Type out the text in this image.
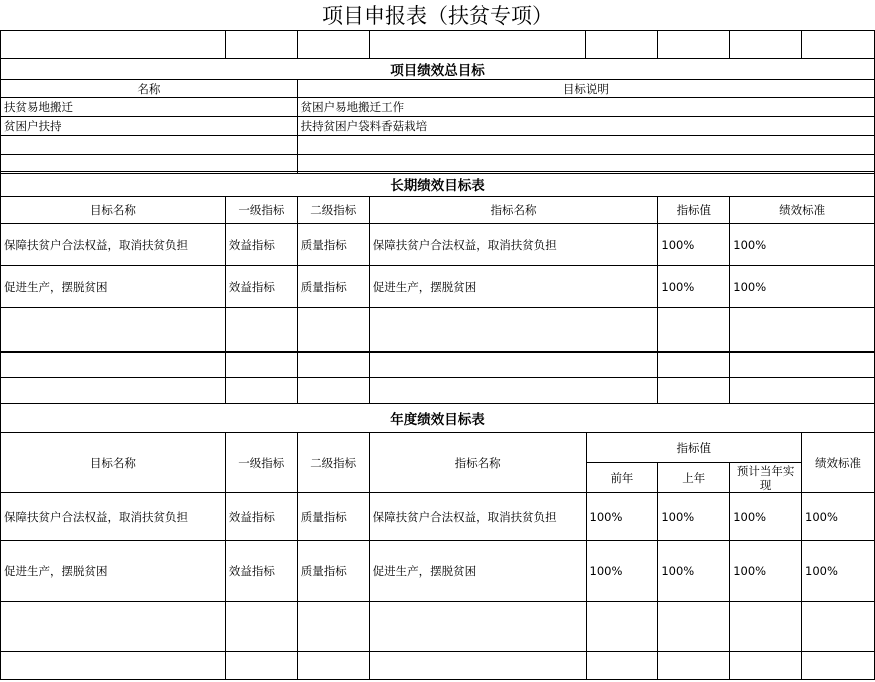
项目申报表（扶贫专项）

项目绩效总目标	
名称	目标说明
扶贫易地搬迁	贫困户易地搬迁工作
贫困户扶持	扶持贫困户袋料香菇栽培

长期绩效目标表					
目标名称	一级指标	二级指标	指标名称	指标值	绩效标准
保障扶贫户合法权益，取消扶贫负担	效益指标	质量指标	保障扶贫户合法权益，取消扶贫负担	100%	100%
促进生产，摆脱贫困	效益指标	质量指标	促进生产，摆脱贫困	100%	100%

年度绩效目标表							
目标名称	一级指标	二级指标	指标名称	指标值			绩效标准
				前年	上年	预计当年实现	
保障扶贫户合法权益，取消扶贫负担	效益指标	质量指标	保障扶贫户合法权益，取消扶贫负担	100%	100%	100%	100%
促进生产，摆脱贫困	效益指标	质量指标	促进生产，摆脱贫困	100%	100%	100%	100%
